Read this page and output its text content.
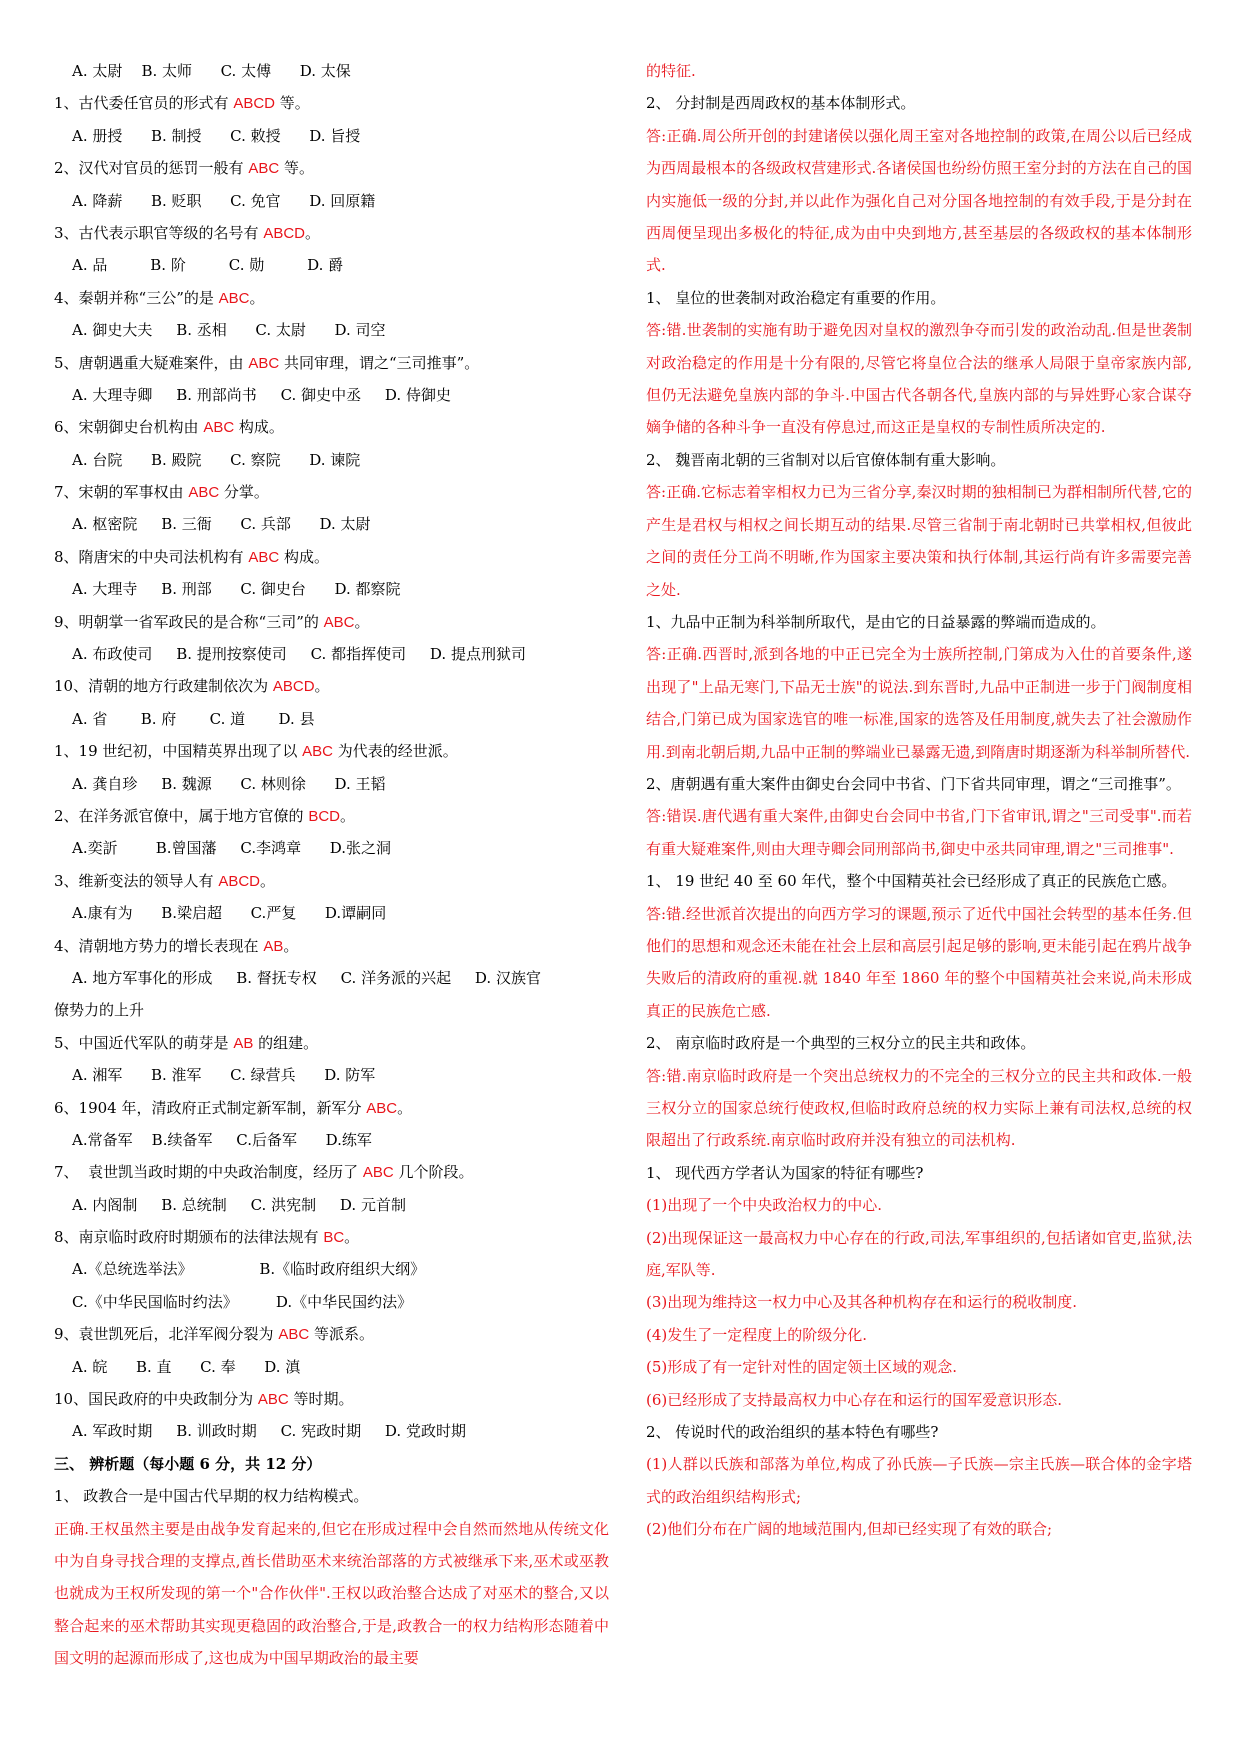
A. 太尉    B. 太师      C. 太傅      D. 太保
1、古代委任官员的形式有 ABCD 等。
A. 册授      B. 制授      C. 敕授      D. 旨授
2、汉代对官员的惩罚一般有 ABC 等。
A. 降薪      B. 贬职      C. 免官      D. 回原籍
3、古代表示职官等级的名号有 ABCD。
A. 品         B. 阶         C. 勋         D. 爵
4、秦朝并称“三公”的是 ABC。
A. 御史大夫     B. 丞相      C. 太尉      D. 司空
5、唐朝遇重大疑难案件，由 ABC 共同审理，谓之“三司推事”。
A. 大理寺卿     B. 刑部尚书     C. 御史中丞     D. 侍御史
6、宋朝御史台机构由 ABC 构成。
A. 台院      B. 殿院      C. 察院      D. 谏院
7、宋朝的军事权由 ABC 分掌。
A. 枢密院     B. 三衙      C. 兵部      D. 太尉
8、隋唐宋的中央司法机构有 ABC 构成。
A. 大理寺     B. 刑部      C. 御史台      D. 都察院
9、明朝掌一省军政民的是合称“三司”的 ABC。
A. 布政使司     B. 提刑按察使司     C. 都指挥使司     D. 提点刑狱司
10、清朝的地方行政建制依次为 ABCD。
A. 省       B. 府       C. 道       D. 县
1、19 世纪初，中国精英界出现了以 ABC 为代表的经世派。
A. 龚自珍     B. 魏源      C. 林则徐      D. 王韬
2、在洋务派官僚中，属于地方官僚的 BCD。
A.奕訢        B.曾国藩     C.李鸿章      D.张之洞
3、维新变法的领导人有 ABCD。
A.康有为      B.梁启超      C.严复      D.谭嗣同
4、清朝地方势力的增长表现在 AB。
A. 地方军事化的形成     B. 督抚专权     C. 洋务派的兴起     D. 汉族官
僚势力的上升
5、中国近代军队的萌芽是 AB 的组建。
A. 湘军      B. 淮军      C. 绿营兵      D. 防军
6、1904 年，清政府正式制定新军制，新军分 ABC。
A.常备军    B.续备军     C.后备军      D.练军
7、  袁世凯当政时期的中央政治制度，经历了 ABC 几个阶段。
A. 内阁制     B. 总统制     C. 洪宪制     D. 元首制
8、南京临时政府时期颁布的法律法规有 BC。
A.《总统选举法》              B.《临时政府组织大纲》
C.《中华民国临时约法》        D.《中华民国约法》
9、袁世凯死后，北洋军阀分裂为 ABC 等派系。
A. 皖      B. 直      C. 奉      D. 滇
10、国民政府的中央政制分为 ABC 等时期。
A. 军政时期     B. 训政时期     C. 宪政时期     D. 党政时期
三、 辨析题（每小题 6 分，共 12 分）
1、 政教合一是中国古代早期的权力结构模式。
正确.王权虽然主要是由战争发育起来的,但它在形成过程中会自然而然地从传统文化中为自身寻找合理的支撑点,酋长借助巫术来统治部落的方式被继承下来,巫术或巫教也就成为王权所发现的第一个"合作伙伴".王权以政治整合达成了对巫术的整合,又以整合起来的巫术帮助其实现更稳固的政治整合,于是,政教合一的权力结构形态随着中国文明的起源而形成了,这也成为中国早期政治的最主要
的特征.
2、 分封制是西周政权的基本体制形式。
答:正确.周公所开创的封建诸侯以强化周王室对各地控制的政策,在周公以后已经成为西周最根本的各级政权营建形式.各诸侯国也纷纷仿照王室分封的方法在自己的国内实施低一级的分封,并以此作为强化自己对分国各地控制的有效手段,于是分封在西周便呈现出多极化的特征,成为由中央到地方,甚至基层的各级政权的基本体制形式.
1、 皇位的世袭制对政治稳定有重要的作用。
答:错.世袭制的实施有助于避免因对皇权的激烈争夺而引发的政治动乱.但是世袭制对政治稳定的作用是十分有限的,尽管它将皇位合法的继承人局限于皇帝家族内部,但仍无法避免皇族内部的争斗.中国古代各朝各代,皇族内部的与异姓野心家合谋夺嫡争储的各种斗争一直没有停息过,而这正是皇权的专制性质所决定的.
2、 魏晋南北朝的三省制对以后官僚体制有重大影响。
答:正确.它标志着宰相权力已为三省分享,秦汉时期的独相制已为群相制所代替,它的产生是君权与相权之间长期互动的结果.尽管三省制于南北朝时已共掌相权,但彼此之间的责任分工尚不明晰,作为国家主要决策和执行体制,其运行尚有许多需要完善之处.
1、九品中正制为科举制所取代，是由它的日益暴露的弊端而造成的。
答:正确.西晋时,派到各地的中正已完全为士族所控制,门第成为入仕的首要条件,遂出现了"上品无寒门,下品无士族"的说法.到东晋时,九品中正制进一步于门阀制度相结合,门第已成为国家选官的唯一标准,国家的选答及任用制度,就失去了社会激励作用.到南北朝后期,九品中正制的弊端业已暴露无遗,到隋唐时期逐渐为科举制所替代.
2、唐朝遇有重大案件由御史台会同中书省、门下省共同审理，谓之“三司推事”。
答:错误.唐代遇有重大案件,由御史台会同中书省,门下省审讯,谓之"三司受事".而若有重大疑难案件,则由大理寺卿会同刑部尚书,御史中丞共同审理,谓之"三司推事".
1、 19 世纪 40 至 60 年代，整个中国精英社会已经形成了真正的民族危亡感。
答:错.经世派首次提出的向西方学习的课题,预示了近代中国社会转型的基本任务.但他们的思想和观念还未能在社会上层和高层引起足够的影响,更未能引起在鸦片战争失败后的清政府的重视.就 1840 年至 1860 年的整个中国精英社会来说,尚未形成真正的民族危亡感.
2、 南京临时政府是一个典型的三权分立的民主共和政体。
答:错.南京临时政府是一个突出总统权力的不完全的三权分立的民主共和政体.一般三权分立的国家总统行使政权,但临时政府总统的权力实际上兼有司法权,总统的权限超出了行政系统.南京临时政府并没有独立的司法机构.
1、 现代西方学者认为国家的特征有哪些?
(1)出现了一个中央政治权力的中心.
(2)出现保证这一最高权力中心存在的行政,司法,军事组织的,包括诸如官吏,监狱,法庭,军队等.
(3)出现为维持这一权力中心及其各种机构存在和运行的税收制度.
(4)发生了一定程度上的阶级分化.
(5)形成了有一定针对性的固定领土区域的观念.
(6)已经形成了支持最高权力中心存在和运行的国军爱意识形态.
2、 传说时代的政治组织的基本特色有哪些?
(1)人群以氏族和部落为单位,构成了孙氏族—子氏族—宗主氏族—联合体的金字塔式的政治组织结构形式;
(2)他们分布在广阔的地域范围内,但却已经实现了有效的联合;
